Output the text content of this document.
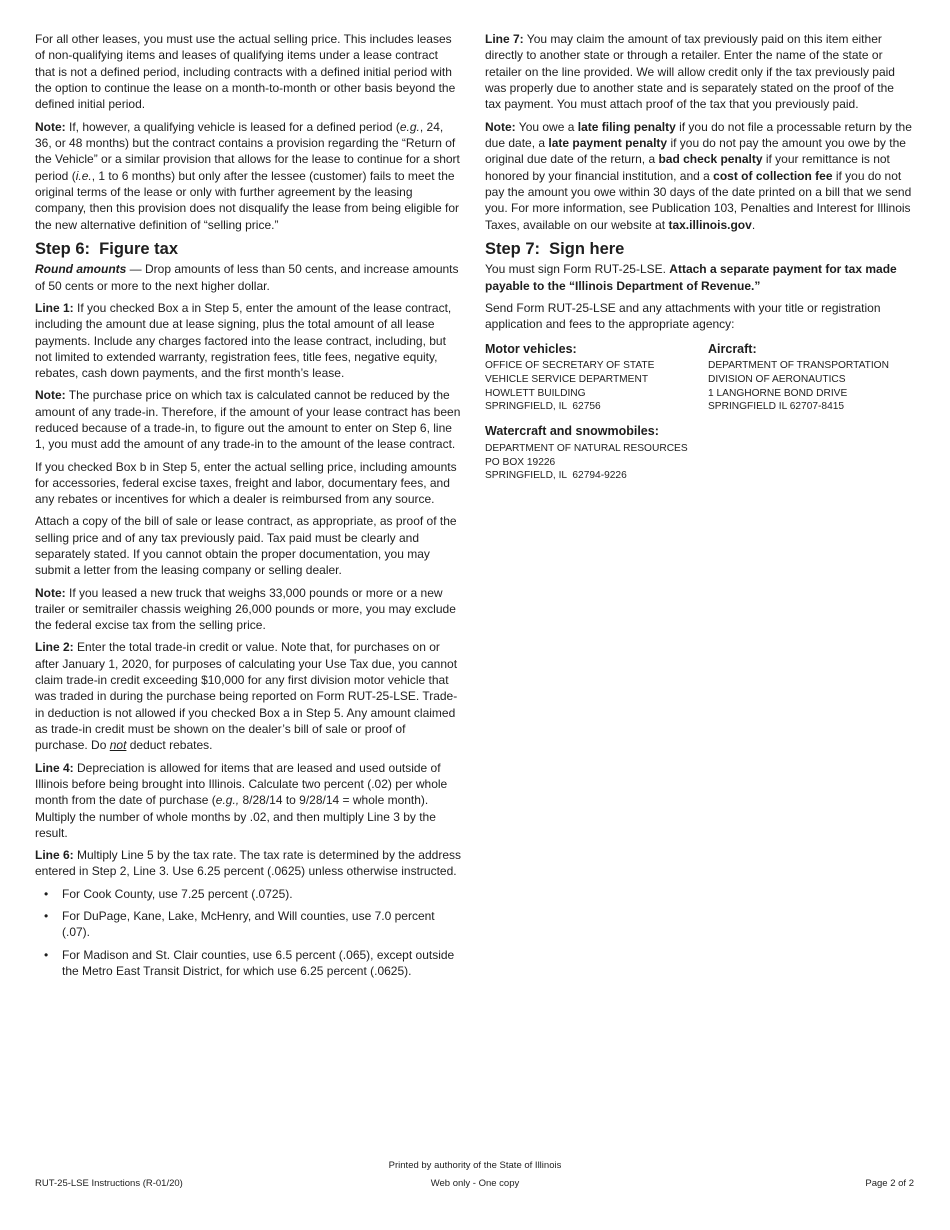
For all other leases, you must use the actual selling price. This includes leases of non-qualifying items and leases of qualifying items under a lease contract that is not a defined period, including contracts with a defined initial period with the option to continue the lease on a month-to-month or other basis beyond the defined initial period.

Note: If, however, a qualifying vehicle is leased for a defined period (e.g., 24, 36, or 48 months) but the contract contains a provision regarding the “Return of the Vehicle” or a similar provision that allows for the lease to continue for a short period (i.e., 1 to 6 months) but only after the lessee (customer) fails to meet the original terms of the lease or only with further agreement by the leasing company, then this provision does not disqualify the lease from being eligible for the new alternative definition of “selling price.”

Step 6:  Figure tax

Round amounts — Drop amounts of less than 50 cents, and increase amounts of 50 cents or more to the next higher dollar.

Line 1: If you checked Box a in Step 5, enter the amount of the lease contract, including the amount due at lease signing, plus the total amount of all lease payments. Include any charges factored into the lease contract, including, but not limited to extended warranty, registration fees, title fees, negative equity, rebates, cash down payments, and the first month’s lease.

Note: The purchase price on which tax is calculated cannot be reduced by the amount of any trade-in. Therefore, if the amount of your lease contract has been reduced because of a trade-in, to figure out the amount to enter on Step 6, line 1, you must add the amount of any trade-in to the amount of the lease contract.

If you checked Box b in Step 5, enter the actual selling price, including amounts for accessories, federal excise taxes, freight and labor, documentary fees, and any rebates or incentives for which a dealer is reimbursed from any source.

Attach a copy of the bill of sale or lease contract, as appropriate, as proof of the selling price and of any tax previously paid. Tax paid must be clearly and separately stated. If you cannot obtain the proper documentation, you may submit a letter from the leasing company or selling dealer.

Note: If you leased a new truck that weighs 33,000 pounds or more or a new trailer or semitrailer chassis weighing 26,000 pounds or more, you may exclude the federal excise tax from the selling price.

Line 2: Enter the total trade-in credit or value. Note that, for purchases on or after January 1, 2020, for purposes of calculating your Use Tax due, you cannot claim trade-in credit exceeding $10,000 for any first division motor vehicle that was traded in during the purchase being reported on Form RUT-25-LSE. Trade-in deduction is not allowed if you checked Box a in Step 5. Any amount claimed as trade-in credit must be shown on the dealer’s bill of sale or proof of purchase. Do not deduct rebates.

Line 4: Depreciation is allowed for items that are leased and used outside of Illinois before being brought into Illinois. Calculate two percent (.02) per whole month from the date of purchase (e.g., 8/28/14 to 9/28/14 = whole month). Multiply the number of whole months by .02, and then multiply Line 3 by the result.

Line 6: Multiply Line 5 by the tax rate. The tax rate is determined by the address entered in Step 2, Line 3. Use 6.25 percent (.0625) unless otherwise instructed.

•	For Cook County, use 7.25 percent (.0725).
•	For DuPage, Kane, Lake, McHenry, and Will counties, use 7.0 percent (.07).
•	For Madison and St. Clair counties, use 6.5 percent (.065), except outside the Metro East Transit District, for which use 6.25 percent (.0625).

Line 7: You may claim the amount of tax previously paid on this item either directly to another state or through a retailer. Enter the name of the state or retailer on the line provided. We will allow credit only if the tax previously paid was properly due to another state and is separately stated on the proof of the tax payment. You must attach proof of the tax that you previously paid.

Note: You owe a late filing penalty if you do not file a processable return by the due date, a late payment penalty if you do not pay the amount you owe by the original due date of the return, a bad check penalty if your remittance is not honored by your financial institution, and a cost of collection fee if you do not pay the amount you owe within 30 days of the date printed on a bill that we send you. For more information, see Publication 103, Penalties and Interest for Illinois Taxes, available on our website at tax.illinois.gov.

Step 7:  Sign here

You must sign Form RUT-25-LSE. Attach a separate payment for tax made payable to the “Illinois Department of Revenue.”

Send Form RUT-25-LSE and any attachments with your title or registration application and fees to the appropriate agency:

Motor vehicles:
OFFICE OF SECRETARY OF STATE
VEHICLE SERVICE DEPARTMENT
HOWLETT BUILDING
SPRINGFIELD, IL  62756
Aircraft:
DEPARTMENT OF TRANSPORTATION
DIVISION OF AERONAUTICS
1 LANGHORNE BOND DRIVE
SPRINGFIELD IL 62707-8415
Watercraft and snowmobiles:
DEPARTMENT OF NATURAL RESOURCES
PO BOX 19226
SPRINGFIELD, IL  62794-9226
Printed by authority of the State of Illinois
RUT-25-LSE Instructions (R-01/20)	Web only - One copy	Page 2 of 2
